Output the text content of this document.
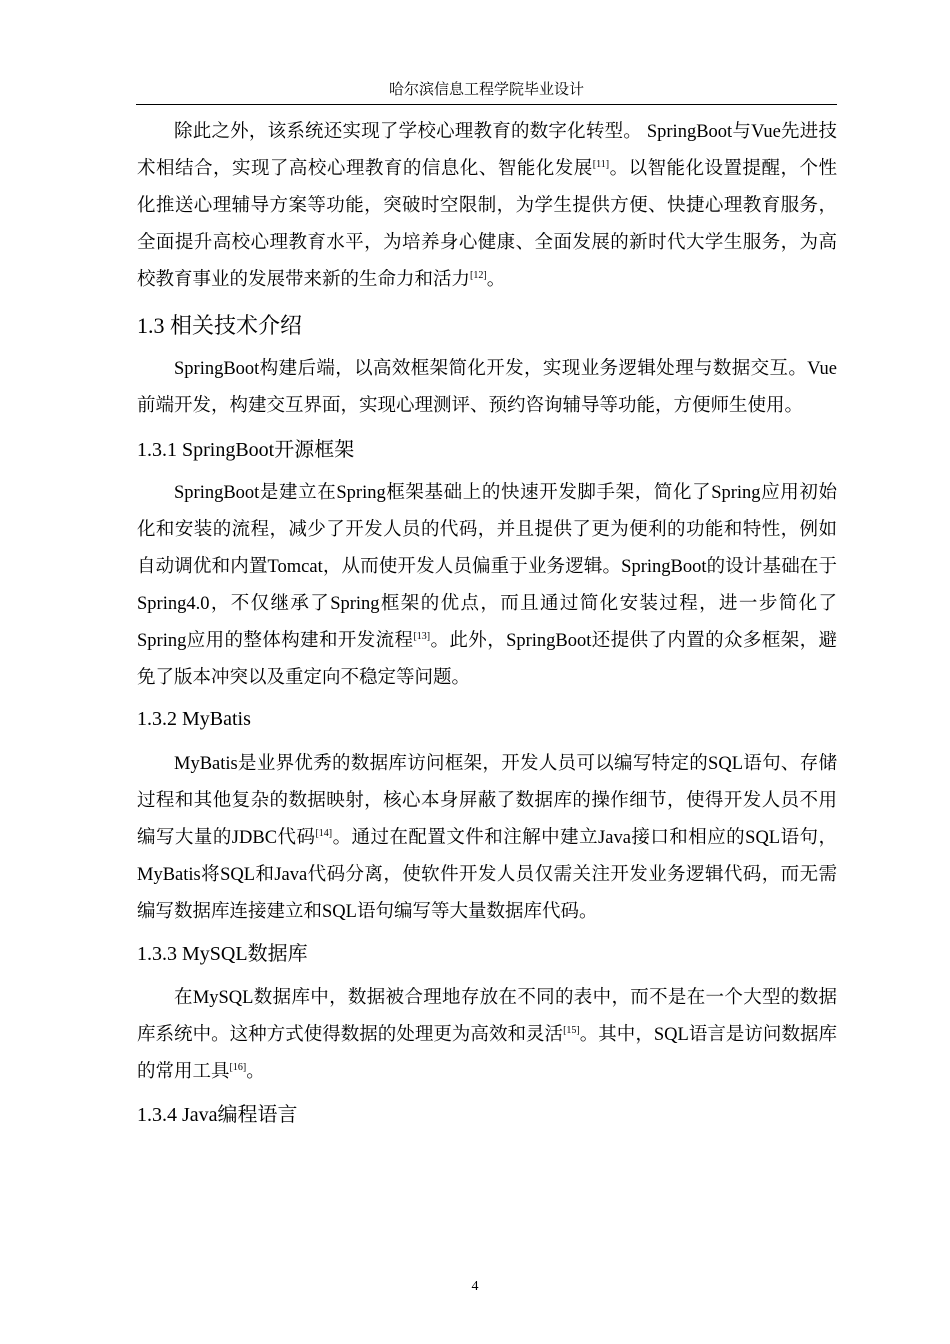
哈尔滨信息工程学院毕业设计

除此之外，该系统还实现了学校心理教育的数字化转型。 SpringBoot与Vue先进技术相结合，实现了高校心理教育的信息化、智能化发展[11]。以智能化设置提醒，个性化推送心理辅导方案等功能，突破时空限制，为学生提供方便、快捷心理教育服务，全面提升高校心理教育水平，为培养身心健康、全面发展的新时代大学生服务，为高校教育事业的发展带来新的生命力和活力[12]。

1.3 相关技术介绍

SpringBoot构建后端，以高效框架简化开发，实现业务逻辑处理与数据交互。Vue前端开发，构建交互界面，实现心理测评、预约咨询辅导等功能，方便师生使用。

1.3.1 SpringBoot开源框架

SpringBoot是建立在Spring框架基础上的快速开发脚手架，简化了Spring应用初始化和安装的流程，减少了开发人员的代码，并且提供了更为便利的功能和特性，例如自动调优和内置Tomcat，从而使开发人员偏重于业务逻辑。SpringBoot的设计基础在于Spring4.0，不仅继承了Spring框架的优点，而且通过简化安装过程，进一步简化了Spring应用的整体构建和开发流程[13]。此外，SpringBoot还提供了内置的众多框架，避免了版本冲突以及重定向不稳定等问题。

1.3.2 MyBatis

MyBatis是业界优秀的数据库访问框架，开发人员可以编写特定的SQL语句、存储过程和其他复杂的数据映射，核心本身屏蔽了数据库的操作细节，使得开发人员不用编写大量的JDBC代码[14]。通过在配置文件和注解中建立Java接口和相应的SQL语句，MyBatis将SQL和Java代码分离，使软件开发人员仅需关注开发业务逻辑代码，而无需编写数据库连接建立和SQL语句编写等大量数据库代码。

1.3.3 MySQL数据库

在MySQL数据库中，数据被合理地存放在不同的表中，而不是在一个大型的数据库系统中。这种方式使得数据的处理更为高效和灵活[15]。其中，SQL语言是访问数据库的常用工具[16]。

1.3.4 Java编程语言
4
